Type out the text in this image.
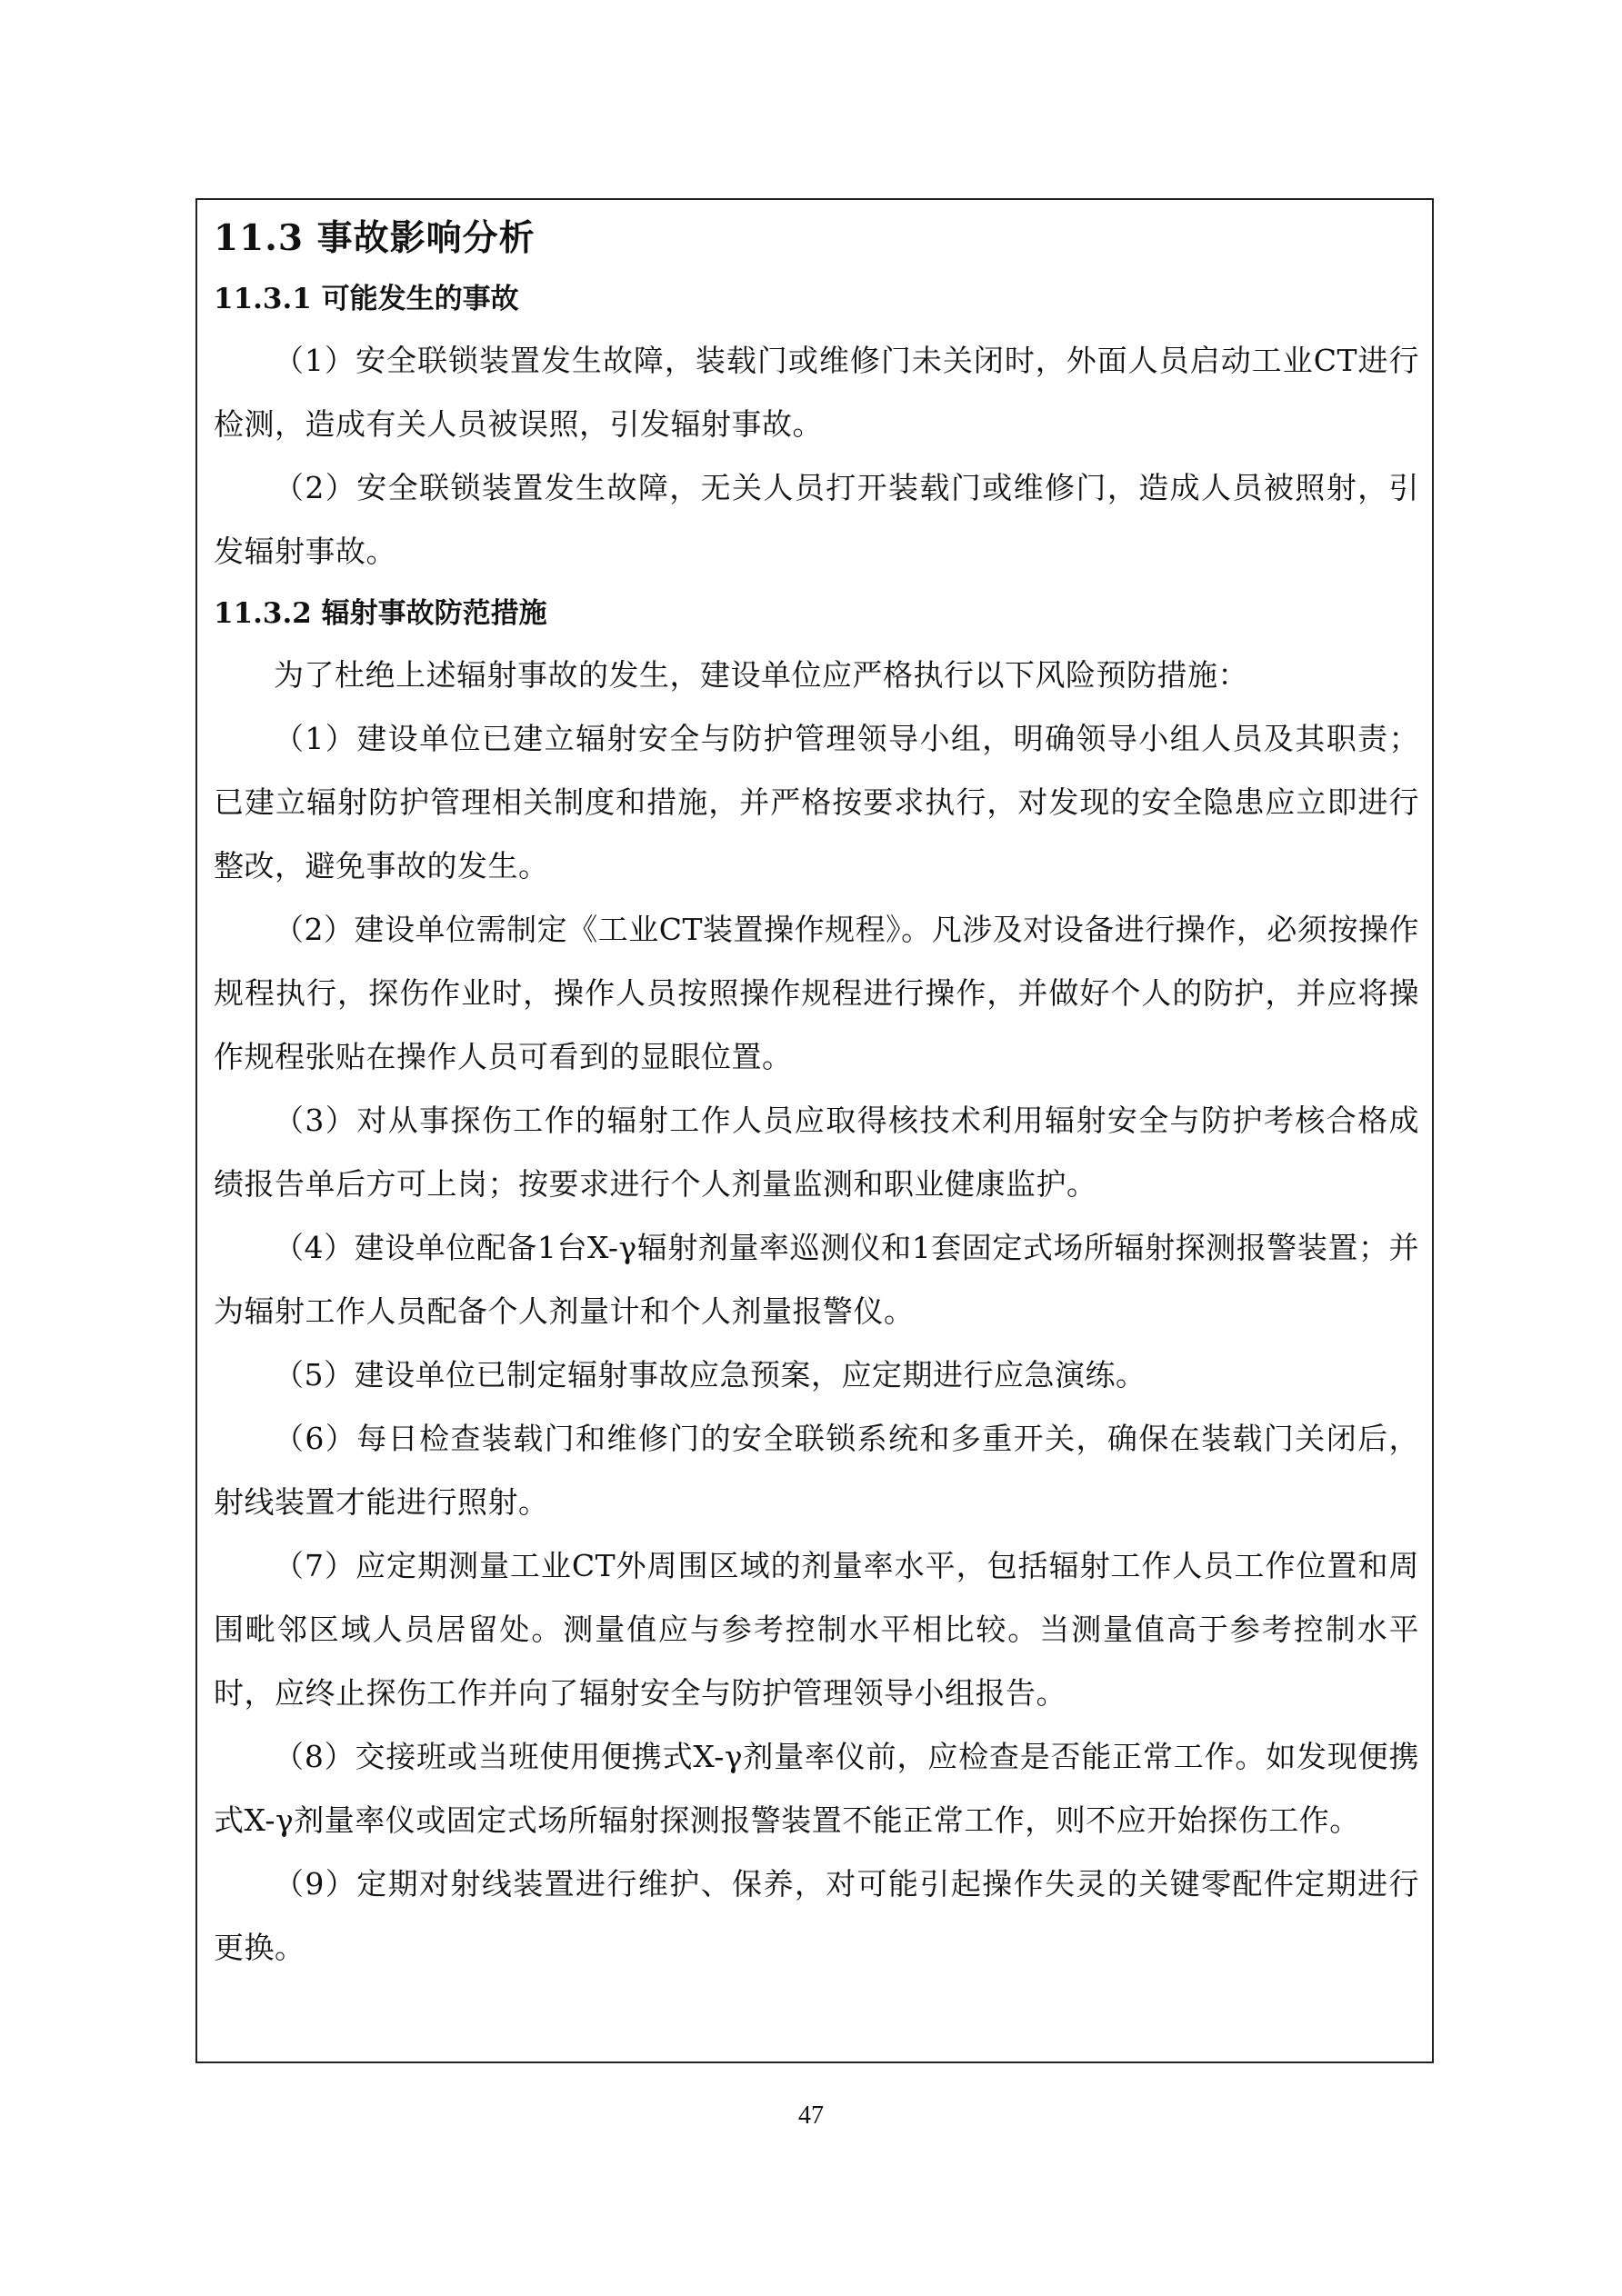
11.3 事故影响分析
11.3.1 可能发生的事故

（1）安全联锁装置发生故障，装载门或维修门未关闭时，外面人员启动工业CT进行检测，造成有关人员被误照，引发辐射事故。

（2）安全联锁装置发生故障，无关人员打开装载门或维修门，造成人员被照射，引发辐射事故。

11.3.2 辐射事故防范措施

为了杜绝上述辐射事故的发生，建设单位应严格执行以下风险预防措施：

（1）建设单位已建立辐射安全与防护管理领导小组，明确领导小组人员及其职责；已建立辐射防护管理相关制度和措施，并严格按要求执行，对发现的安全隐患应立即进行整改，避免事故的发生。

（2）建设单位需制定《工业CT装置操作规程》。凡涉及对设备进行操作，必须按操作规程执行，探伤作业时，操作人员按照操作规程进行操作，并做好个人的防护，并应将操作规程张贴在操作人员可看到的显眼位置。

（3）对从事探伤工作的辐射工作人员应取得核技术利用辐射安全与防护考核合格成绩报告单后方可上岗；按要求进行个人剂量监测和职业健康监护。

（4）建设单位配备1台X-γ辐射剂量率巡测仪和1套固定式场所辐射探测报警装置；并为辐射工作人员配备个人剂量计和个人剂量报警仪。

（5）建设单位已制定辐射事故应急预案，应定期进行应急演练。

（6）每日检查装载门和维修门的安全联锁系统和多重开关，确保在装载门关闭后，射线装置才能进行照射。

（7）应定期测量工业CT外周围区域的剂量率水平，包括辐射工作人员工作位置和周围毗邻区域人员居留处。测量值应与参考控制水平相比较。当测量值高于参考控制水平时，应终止探伤工作并向了辐射安全与防护管理领导小组报告。

（8）交接班或当班使用便携式X-γ剂量率仪前，应检查是否能正常工作。如发现便携式X-γ剂量率仪或固定式场所辐射探测报警装置不能正常工作，则不应开始探伤工作。

（9）定期对射线装置进行维护、保养，对可能引起操作失灵的关键零配件定期进行更换。

47
